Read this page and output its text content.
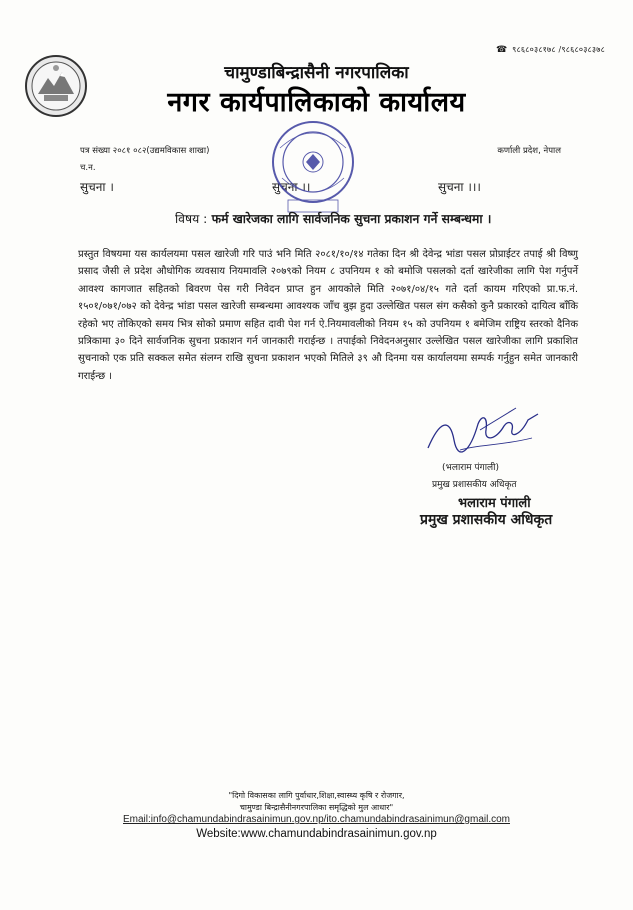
☎ ९८६८०३८१७८ /९८६८०३८३७८
चामुण्डाबिन्द्रासैनी नगरपालिका
नगर कार्यपालिकाको कार्यालय
पत्र संख्या २०८१ ०८२(उद्यमविकास शाखा)
च.न.
कर्णाली प्रदेश, नेपाल
सुचना ।	सुचना ।।	सुचना ।।।
विषय : फर्म खारेजका लागि सार्वजनिक सुचना प्रकाशन गर्ने सम्बन्धमा ।

प्रस्तुत विषयमा यस कार्यलयमा पसल खारेजी गरि पाउं भनि मिति २०८१/१०/१४ गतेका दिन श्री देवेन्द्र भांडा पसल प्रोप्राईटर तपाई श्री विष्णु प्रसाद जैसी ले प्रदेश औधोगिक व्यवसाय नियमावलि २०७९को नियम ८ उपनियम १ को बमोजि पसलको दर्ता खारेजीका लागि पेश गर्नुपर्ने आवश्य कागजात सहितको बिवरण पेस गरी निवेदन प्राप्त हुन आयकोले मिति २०७१/०४/१५ गते दर्ता कायम गरिएको प्रा.फ.नं. १५०१/०७१/०७२ को देवेन्द्र भांडा पसल खारेजी सम्बन्धमा आवश्यक जाँच बुझ हुदा उल्लेखित पसल संग कसैको कुनै प्रकारको दायित्व बाँकि रहेको भए तोकिएको समय भित्र सोको प्रमाण सहित दावी पेश गर्न ऐ.नियमावलीको नियम १५ को उपनियम १ बमेजिम राष्ट्रिय स्तरको दैनिक प्रत्रिकामा ३० दिने सार्वजनिक सुचना प्रकाशन गर्न जानकारी गराईन्छ । तपाईको निवेदनअनुसार उल्लेखित पसल खारेजीका लागि प्रकाशित सुचनाको एक प्रति सक्कल समेत संलग्न राखि सुचना प्रकाशन भएको मितिले ३९ औ दिनमा यस कार्यालयमा सम्पर्क गर्नुहुन समेत जानकारी गराईन्छ ।

(भलाराम पंगाली)
प्रमुख प्रशासकीय अधिकृत
भलाराम पंगाली
प्रमुख प्रशासकीय अधिकृत
"दिगो विकासका लागि पुर्वाधार,शिक्षा,स्वास्थ्य कृषि र रोजगार,
चामुण्डा बिन्द्रासैनीनगरपालिका समृद्धिको मुल आधार"
Email:info@chamundabindrasainimun.gov.np/ito.chamundabindrasainimun@gmail.com
Website:www.chamundabindrasainimun.gov.np
